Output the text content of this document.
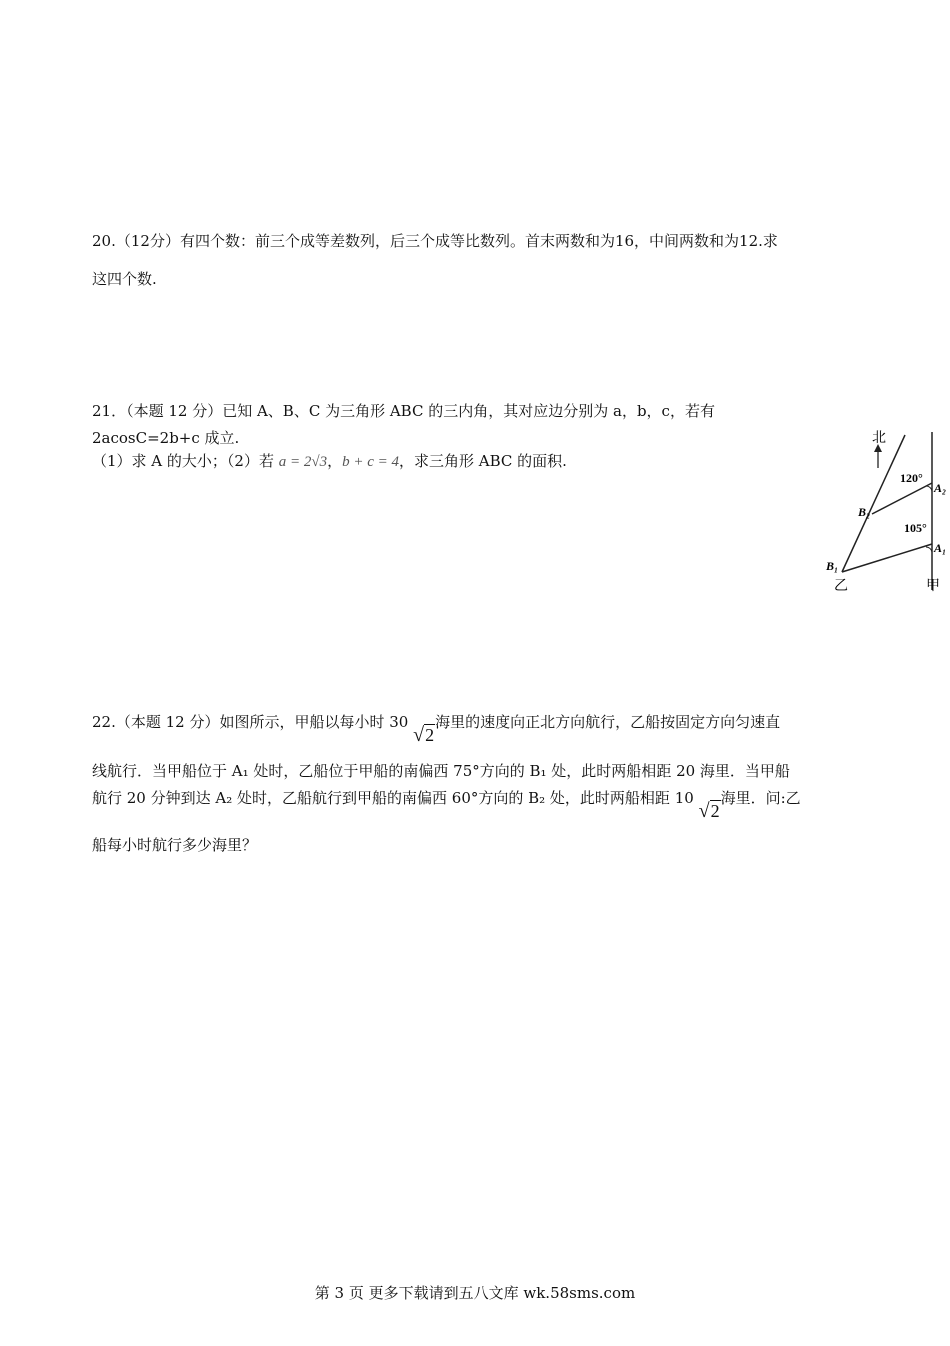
20.（12分）有四个数：前三个成等差数列，后三个成等比数列。首末两数和为16，中间两数和为12.求
这四个数.
21．（本题 12 分）已知 A、B、C 为三角形 ABC 的三内角，其对应边分别为 a，b，c，若有
2acosC=2b+c 成立.
（1）求 A 的大小；（2）若 a = 2√3，b + c = 4，求三角形 ABC 的面积.
北
120°
105°
A₂
A₁
B₂
B₁
乙	甲
22.（本题 12 分）如图所示，甲船以每小时 30 √2海里的速度向正北方向航行，乙船按固定方向匀速直
线航行．当甲船位于 A₁ 处时，乙船位于甲船的南偏西 75°方向的 B₁ 处，此时两船相距 20 海里．当甲船
航行 20 分钟到达 A₂ 处时，乙船航行到甲船的南偏西 60°方向的 B₂ 处，此时两船相距 10 √2海里．问:乙
船每小时航行多少海里？
第 3 页 更多下载请到五八文库 wk.58sms.com
